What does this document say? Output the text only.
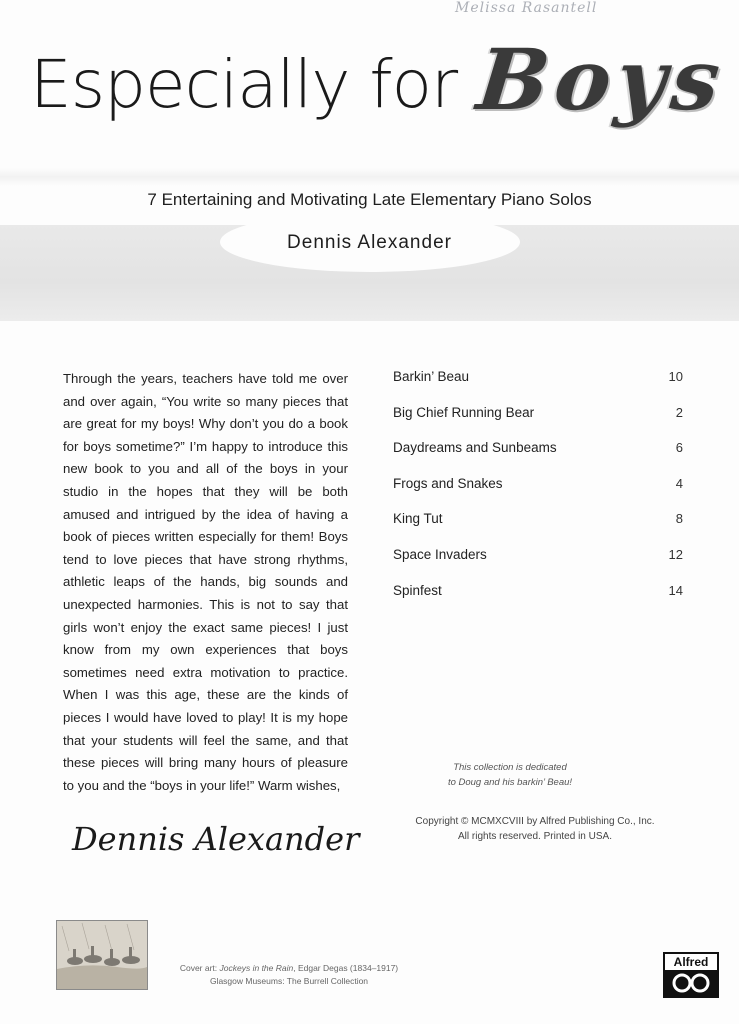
Melissa Rasantell
Especially for Boys
7 Entertaining and Motivating Late Elementary Piano Solos
Dennis Alexander

Through the years, teachers have told me over and over again, “You write so many pieces that are great for my boys! Why don’t you do a book for boys sometime?” I’m happy to introduce this new book to you and all of the boys in your studio in the hopes that they will be both amused and intrigued by the idea of having a book of pieces written especially for them! Boys tend to love pieces that have strong rhythms, athletic leaps of the hands, big sounds and unexpected harmonies. This is not to say that girls won’t enjoy the exact same pieces! I just know from my own experiences that boys sometimes need extra motivation to practice. When I was this age, these are the kinds of pieces I would have loved to play! It is my hope that your students will feel the same, and that these pieces will bring many hours of pleasure to you and the “boys in your life!” Warm wishes,

Dennis Alexander
Barkin’ Beau	10
Big Chief Running Bear	2
Daydreams and Sunbeams	6
Frogs and Snakes	4
King Tut	8
Space Invaders	12
Spinfest	14
This collection is dedicated
to Doug and his barkin’ Beau!
Copyright © MCMXCVIII by Alfred Publishing Co., Inc.
All rights reserved. Printed in USA.
Cover art: Jockeys in the Rain, Edgar Degas (1834–1917)
Glasgow Museums: The Burrell Collection
Alfred
